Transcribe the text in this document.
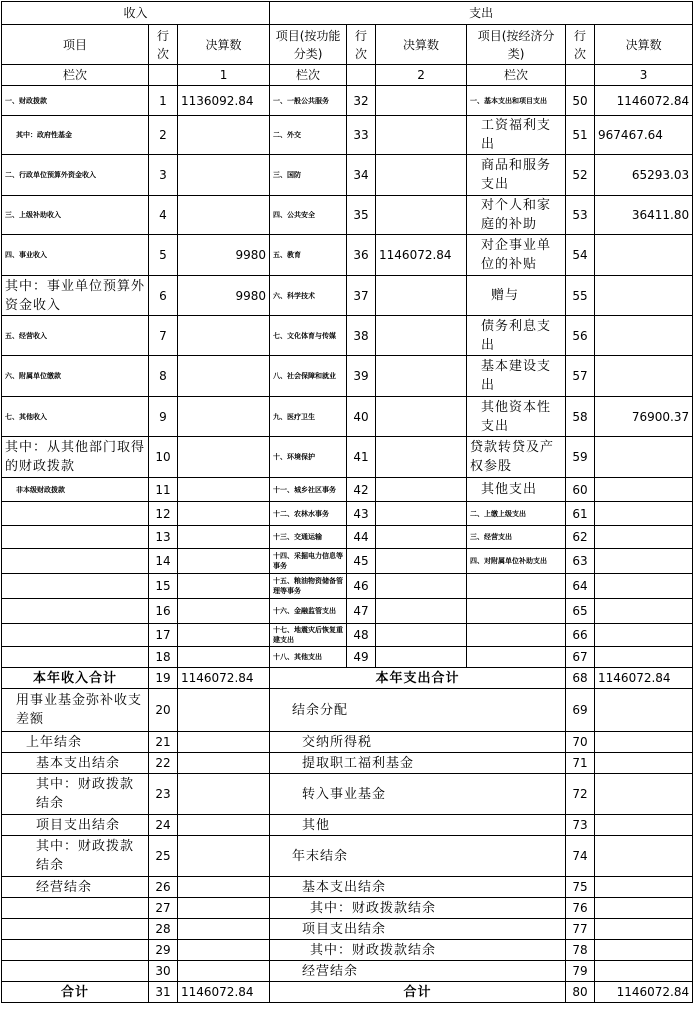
收入			支出					
项目	行次	决算数	项目(按功能分类)	行次	决算数	项目(按经济分类)	行次	决算数
栏次		1	栏次		2	栏次		3
一、财政拨款	1	1136092.84	一、一般公共服务	32		一、基本支出和项目支出	50	1146072.84
其中：政府性基金	2		二、外交	33		工资福利支出	51	967467.64
二、行政单位预算外资金收入	3		三、国防	34		商品和服务支出	52	65293.03
三、上级补助收入	4		四、公共安全	35		对个人和家庭的补助	53	36411.80
四、事业收入	5	9980	五、教育	36	1146072.84	对企事业单位的补贴	54	
其中：事业单位预算外资金收入	6	9980	六、科学技术	37		赠与	55	
五、经营收入	7		七、文化体育与传媒	38		债务利息支出	56	
六、附属单位缴款	8		八、社会保障和就业	39		基本建设支出	57	
七、其他收入	9		九、医疗卫生	40		其他资本性支出	58	76900.37
其中：从其他部门取得的财政拨款	10		十、环境保护	41		贷款转贷及产权参股	59	
非本级财政拨款	11		十一、城乡社区事务	42		其他支出	60	
	12		十二、农林水事务	43		二、上缴上级支出	61	
	13		十三、交通运输	44		三、经营支出	62	
	14		十四、采掘电力信息等事务	45		四、对附属单位补助支出	63	
	15		十五、粮油物资储备管理等事务	46			64	
	16		十六、金融监管支出	47			65	
	17		十七、地震灾后恢复重建支出	48			66	
	18		十八、其他支出	49			67	
本年收入合计	19	1146072.84	本年支出合计				68	1146072.84
用事业基金弥补收支差额	20		结余分配				69	
上年结余	21		交纳所得税				70	
基本支出结余	22		提取职工福利基金				71	
其中：财政拨款结余	23		转入事业基金				72	
项目支出结余	24		其他				73	
其中：财政拨款结余	25		年末结余				74	
经营结余	26		基本支出结余				75	
	27		其中：财政拨款结余				76	
	28		项目支出结余				77	
	29		其中：财政拨款结余				78	
	30		经营结余				79	
合计	31	1146072.84	合计				80	1146072.84
